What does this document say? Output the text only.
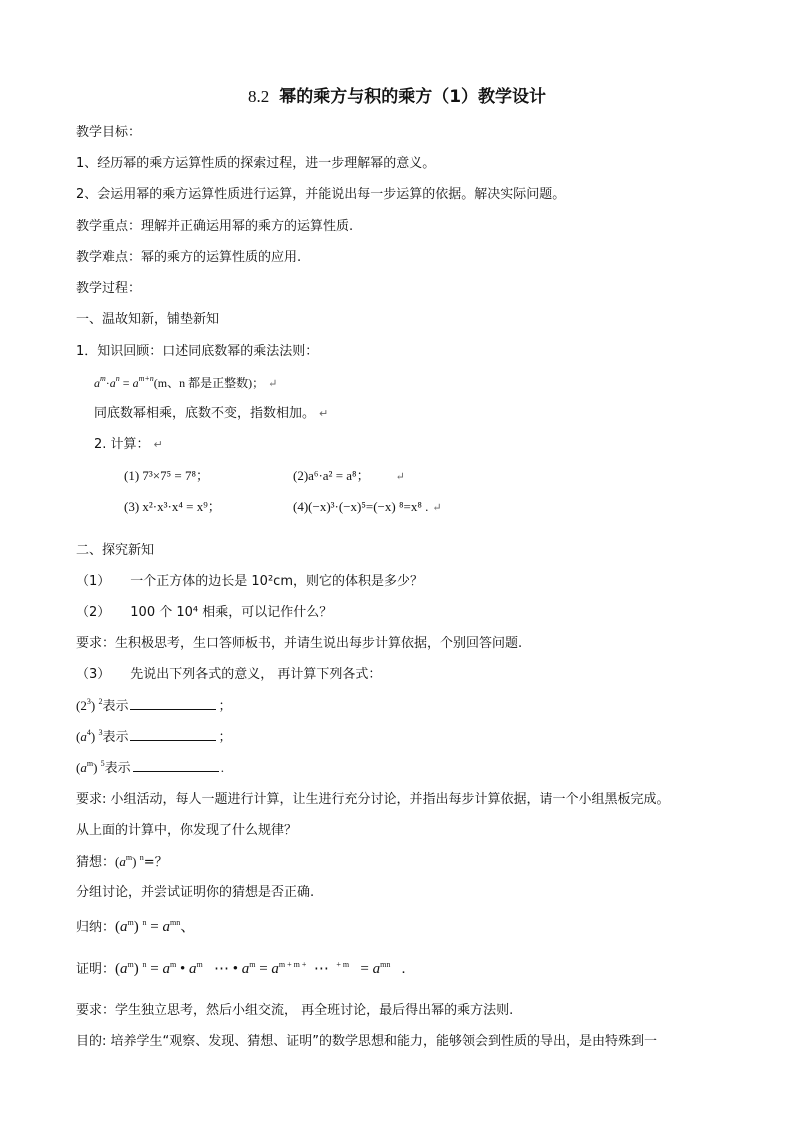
8.2 幂的乘方与积的乘方（1）教学设计
教学目标：
1、经历幂的乘方运算性质的探索过程，进一步理解幂的意义。
2、会运用幂的乘方运算性质进行运算，并能说出每一步运算的依据。解决实际问题。
教学重点：理解并正确运用幂的乘方的运算性质.
教学难点：幂的乘方的运算性质的应用.
教学过程：
一、温故知新，铺垫新知
1．知识回顾：口述同底数幂的乘法法则：
$a^m\cdot a^n = a^{m+n}(m$、n 都是正整数)； ↵
同底数幂相乘，底数不变，指数相加。 ↵
2. 计算： ↵
(1) 7³×7⁵ = 7⁸；	(2)a⁶·a² = a⁸； ↵
(3) x²·x³·x⁴ = x⁹；	(4)(−x)³·(−x)⁵=(−x) ⁸=x⁸ . ↵
二、探究新知
（1） 一个正方体的边长是 10²cm，则它的体积是多少？
（2） 100 个 10⁴ 相乘，可以记作什么？
要求：生积极思考，生口答师板书，并请生说出每步计算依据，个别回答问题.
（3） 先说出下列各式的意义， 再计算下列各式：
$(2^3)$ $^2$表示	；
$(a^4)$ $^3$表示	；
$(a^m)$ $^5$表示	.
要求: 小组活动，每人一题进行计算，让生进行充分讨论，并指出每步计算依据，请一个小组黑板完成。
从上面的计算中，你发现了什么规律？
猜想：$(a^m)$ $^n$=？
分组讨论，并尝试证明你的猜想是否正确.
归纳：$(a^m) ^n = a^{mn}$、
证明：$(a^m) ^n = a^m$ • $a^m$   ⋯ • $a^m = a^{m + m +}$  ⋯  $^{+ m} = a^{mn}$   .
要求：学生独立思考，然后小组交流， 再全班讨论，最后得出幂的乘方法则.
目的: 培养学生“观察、发现、猜想、证明”的数学思想和能力，能够领会到性质的导出，是由特殊到一
